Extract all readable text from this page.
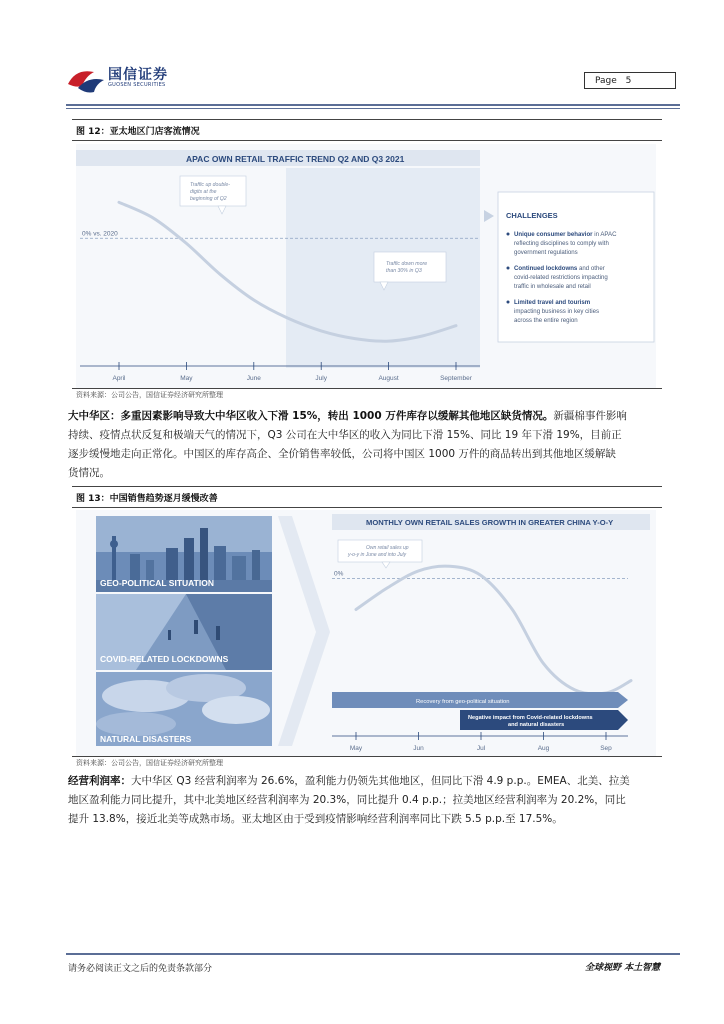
国信证券
GUOSEN SECURITIES	Page 5
图 12：亚太地区门店客流情况
APAC OWN RETAIL TRAFFIC TREND Q2 AND Q3 2021
0% vs. 2020
Traffic up double-
digits at the
beginning of Q2
Traffic down more
than 30% in Q3
April	May	June	July	August	September
CHALLENGES
Unique consumer behavior in APAC
reflecting disciplines to comply with
government regulations
Continued lockdowns and other
covid-related restrictions impacting
traffic in wholesale and retail
Limited travel and tourism
impacting business in key cities
across the entire region
资料来源：公司公告，国信证券经济研究所整理
大中华区：多重因素影响导致大中华区收入下滑 15%，转出 1000 万件库存以缓解其他地区缺货情况。新疆棉事件影响
持续、疫情点状反复和极端天气的情况下，Q3 公司在大中华区的收入为同比下滑 15%、同比 19 年下滑 19%，目前正
逐步缓慢地走向正常化。中国区的库存高企、全价销售率较低，公司将中国区 1000 万件的商品转出到其他地区缓解缺
货情况。
图 13：中国销售趋势逐月缓慢改善
GEO-POLITICAL SITUATION
COVID-RELATED LOCKDOWNS
NATURAL DISASTERS
MONTHLY OWN RETAIL SALES GROWTH IN GREATER CHINA Y-O-Y
0%
Own retail sales up
y-o-y in June and into July
Recovery from geo-political situation
Negative impact from Covid-related lockdowns
and natural disasters
May	Jun	Jul	Aug	Sep
资料来源：公司公告，国信证券经济研究所整理
经营利润率：大中华区 Q3 经营利润率为 26.6%，盈利能力仍领先其他地区，但同比下滑 4.9 p.p.。EMEA、北美、拉美
地区盈利能力同比提升，其中北美地区经营利润率为 20.3%，同比提升 0.4 p.p.；拉美地区经营利润率为 20.2%，同比
提升 13.8%，接近北美等成熟市场。亚太地区由于受到疫情影响经营利润率同比下跌 5.5 p.p.至 17.5%。
请务必阅读正文之后的免责条款部分	全球视野 本土智慧
